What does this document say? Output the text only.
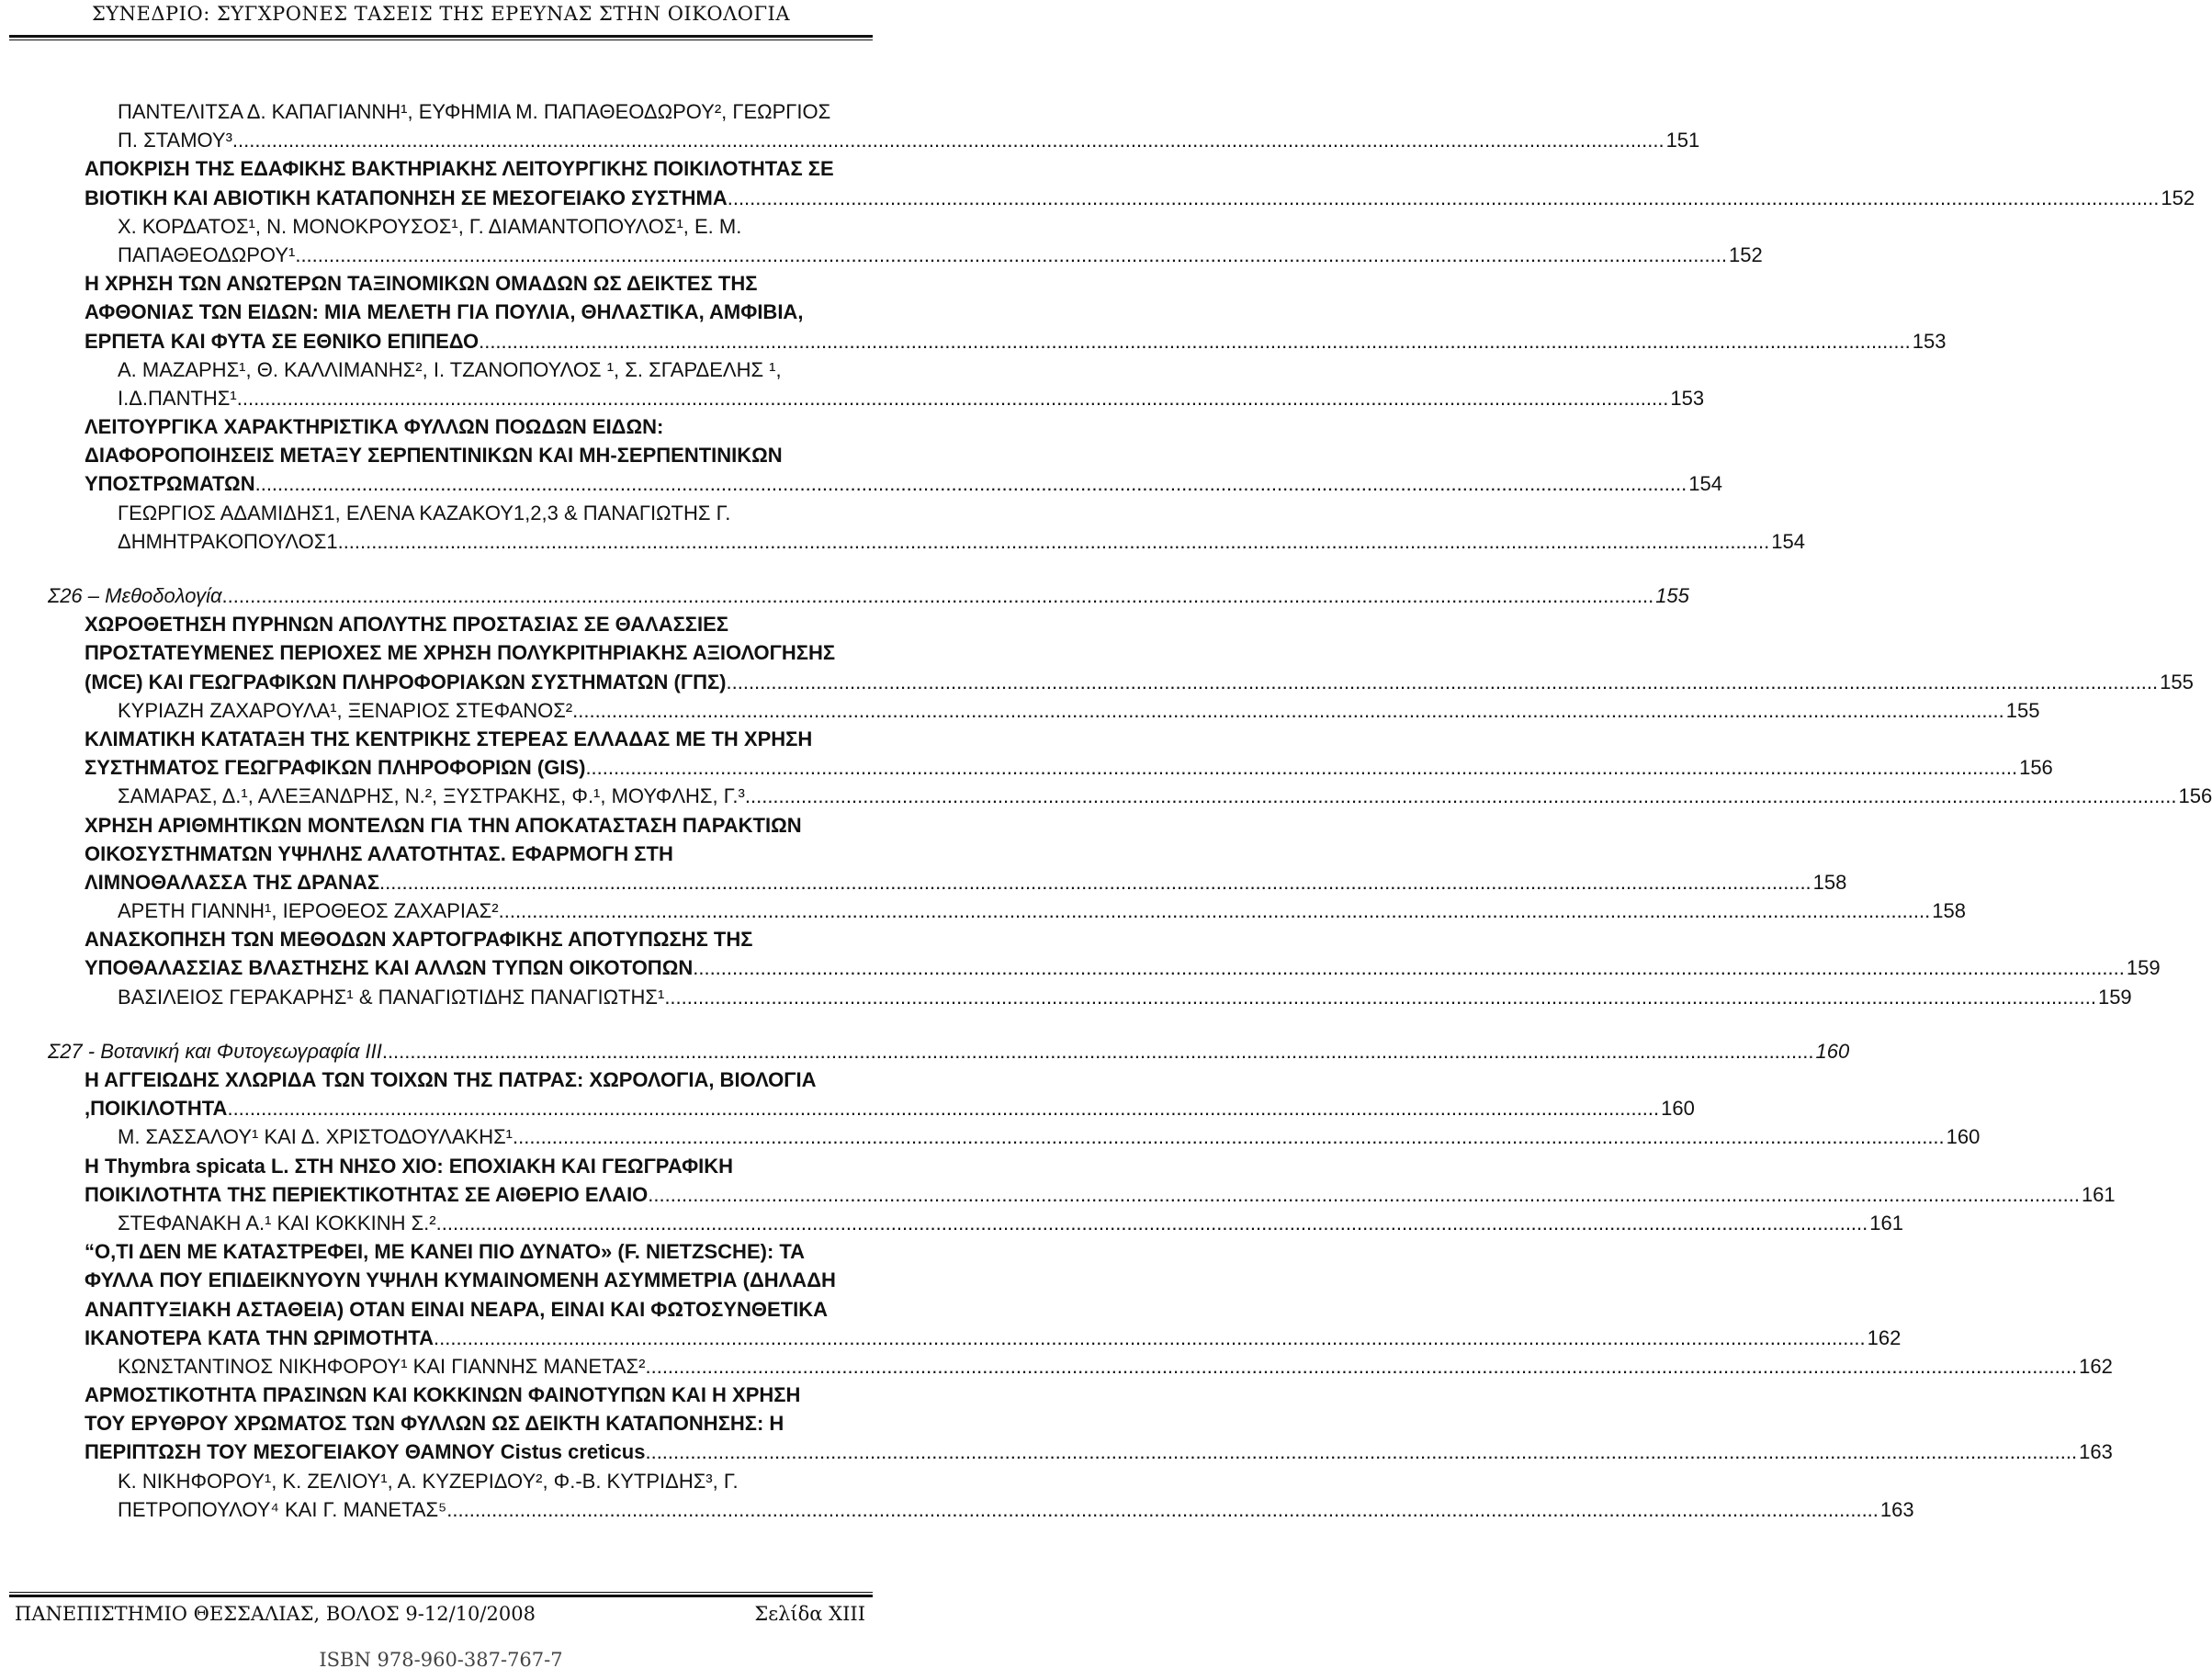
ΣΥΝΕΔΡΙΟ: ΣΥΓΧΡΟΝΕΣ ΤΑΣΕΙΣ ΤΗΣ ΕΡΕΥΝΑΣ ΣΤΗΝ ΟΙΚΟΛΟΓΙΑ
ΠΑΝΤΕΛΙΤΣΑ Δ. ΚΑΠΑΓΙΑΝΝΗ¹, ΕΥΦΗΜΙΑ Μ. ΠΑΠΑΘΕΟΔΩΡΟΥ², ΓΕΩΡΓΙΟΣ
Π. ΣΤΑΜΟΥ³ .....	151
ΑΠΟΚΡΙΣΗ ΤΗΣ ΕΔΑΦΙΚΗΣ ΒΑΚΤΗΡΙΑΚΗΣ ΛΕΙΤΟΥΡΓΙΚΗΣ ΠΟΙΚΙΛΟΤΗΤΑΣ ΣΕ
ΒΙΟΤΙΚΗ ΚΑΙ ΑΒΙΟΤΙΚΗ ΚΑΤΑΠΟΝΗΣΗ ΣΕ ΜΕΣΟΓΕΙΑΚΟ ΣΥΣΤΗΜΑ .....	152
Χ. ΚΟΡΔΑΤΟΣ¹, Ν. ΜΟΝΟΚΡΟΥΣΟΣ¹, Γ. ΔΙΑΜΑΝΤΟΠΟΥΛΟΣ¹, Ε. Μ.
ΠΑΠΑΘΕΟΔΩΡΟΥ¹ .....	152
Η ΧΡΗΣΗ ΤΩΝ ΑΝΩΤΕΡΩΝ ΤΑΞΙΝΟΜΙΚΩΝ ΟΜΑΔΩΝ ΩΣ ΔΕΙΚΤΕΣ ΤΗΣ
ΑΦΘΟΝΙΑΣ ΤΩΝ ΕΙΔΩΝ: ΜΙΑ ΜΕΛΕΤΗ ΓΙΑ ΠΟΥΛΙΑ, ΘΗΛΑΣΤΙΚΑ, ΑΜΦΙΒΙΑ,
ΕΡΠΕΤΑ ΚΑΙ ΦΥΤΑ ΣΕ ΕΘΝΙΚΟ ΕΠΙΠΕΔΟ .....	153
Α. ΜΑΖΑΡΗΣ¹, Θ. ΚΑΛΛΙΜΑΝΗΣ², Ι. ΤΖΑΝΟΠΟΥΛΟΣ ¹, Σ. ΣΓΑΡΔΕΛΗΣ ¹,
Ι.Δ.ΠΑΝΤΗΣ¹ .....	153
ΛΕΙΤΟΥΡΓΙΚΑ ΧΑΡΑΚΤΗΡΙΣΤΙΚΑ ΦΥΛΛΩΝ ΠΟΩΔΩΝ ΕΙΔΩΝ:
ΔΙΑΦΟΡΟΠΟΙΗΣΕΙΣ ΜΕΤΑΞΥ ΣΕΡΠΕΝΤΙΝΙΚΩΝ ΚΑΙ ΜΗ-ΣΕΡΠΕΝΤΙΝΙΚΩΝ
ΥΠΟΣΤΡΩΜΑΤΩΝ .....	154
ΓΕΩΡΓΙΟΣ ΑΔΑΜΙΔΗΣ1, ΕΛΕΝΑ ΚΑΖΑΚΟΥ1,2,3 & ΠΑΝΑΓΙΩΤΗΣ Γ.
ΔΗΜΗΤΡΑΚΟΠΟΥΛΟΣ1 .....	154
Σ26 – Μεθοδολογία .....	155
ΧΩΡΟΘΕΤΗΣΗ ΠΥΡΗΝΩΝ ΑΠΟΛΥΤΗΣ ΠΡΟΣΤΑΣΙΑΣ ΣΕ ΘΑΛΑΣΣΙΕΣ
ΠΡΟΣΤΑΤΕΥΜΕΝΕΣ ΠΕΡΙΟΧΕΣ ΜΕ ΧΡΗΣΗ ΠΟΛΥΚΡΙΤΗΡΙΑΚΗΣ ΑΞΙΟΛΟΓΗΣΗΣ
(MCE) ΚΑΙ ΓΕΩΓΡΑΦΙΚΩΝ ΠΛΗΡΟΦΟΡΙΑΚΩΝ ΣΥΣΤΗΜΑΤΩΝ (ΓΠΣ) .....	155
ΚΥΡΙΑΖΗ ΖΑΧΑΡΟΥΛΑ¹, ΞΕΝΑΡΙΟΣ ΣΤΕΦΑΝΟΣ² .....	155
ΚΛΙΜΑΤΙΚΗ ΚΑΤΑΤΑΞΗ ΤΗΣ ΚΕΝΤΡΙΚΗΣ ΣΤΕΡΕΑΣ ΕΛΛΑΔΑΣ ΜΕ ΤΗ ΧΡΗΣΗ
ΣΥΣΤΗΜΑΤΟΣ ΓΕΩΓΡΑΦΙΚΩΝ ΠΛΗΡΟΦΟΡΙΩΝ (GIS) .....	156
ΣΑΜΑΡΑΣ, Δ.¹, ΑΛΕΞΑΝΔΡΗΣ, Ν.², ΞΥΣΤΡΑΚΗΣ, Φ.¹, ΜΟΥΦΛΗΣ, Γ.³ .....	156
ΧΡΗΣΗ ΑΡΙΘΜΗΤΙΚΩΝ ΜΟΝΤΕΛΩΝ ΓΙΑ ΤΗΝ ΑΠΟΚΑΤΑΣΤΑΣΗ ΠΑΡΑΚΤΙΩΝ
ΟΙΚΟΣΥΣΤΗΜΑΤΩΝ ΥΨΗΛΗΣ ΑΛΑΤΟΤΗΤΑΣ. ΕΦΑΡΜΟΓΗ ΣΤΗ
ΛΙΜΝΟΘΑΛΑΣΣΑ ΤΗΣ ΔΡΑΝΑΣ .....	158
ΑΡΕΤΗ ΓΙΑΝΝΗ¹, ΙΕΡΟΘΕΟΣ ΖΑΧΑΡΙΑΣ² .....	158
ΑΝΑΣΚΟΠΗΣΗ ΤΩΝ ΜΕΘΟΔΩΝ ΧΑΡΤΟΓΡΑΦΙΚΗΣ ΑΠΟΤΥΠΩΣΗΣ ΤΗΣ
ΥΠΟΘΑΛΑΣΣΙΑΣ ΒΛΑΣΤΗΣΗΣ ΚΑΙ ΑΛΛΩΝ ΤΥΠΩΝ ΟΙΚΟΤΟΠΩΝ .....	159
ΒΑΣΙΛΕΙΟΣ ΓΕΡΑΚΑΡΗΣ¹ & ΠΑΝΑΓΙΩΤΙΔΗΣ ΠΑΝΑΓΙΩΤΗΣ¹ .....	159
Σ27 - Βοτανική και Φυτογεωγραφία ΙΙΙ .....	160
Η ΑΓΓΕΙΩΔΗΣ ΧΛΩΡΙΔΑ ΤΩΝ ΤΟΙΧΩΝ ΤΗΣ ΠΑΤΡΑΣ: ΧΩΡΟΛΟΓΙΑ, ΒΙΟΛΟΓΙΑ
,ΠΟΙΚΙΛΟΤΗΤΑ .....	160
Μ. ΣΑΣΣΑΛΟΥ¹ ΚΑΙ Δ. ΧΡΙΣΤΟΔΟΥΛΑΚΗΣ¹ .....	160
Η Thymbra spicata L. ΣΤΗ ΝΗΣΟ ΧΙΟ: ΕΠΟΧΙΑΚΗ ΚΑΙ ΓΕΩΓΡΑΦΙΚΗ
ΠΟΙΚΙΛΟΤΗΤΑ ΤΗΣ ΠΕΡΙΕΚΤΙΚΟΤΗΤΑΣ ΣΕ ΑΙΘΕΡΙΟ ΕΛΑΙΟ .....	161
ΣΤΕΦΑΝΑΚΗ Α.¹ ΚΑΙ ΚΟΚΚΙΝΗ Σ.² .....	161
“Ο,ΤΙ ΔΕΝ ΜΕ ΚΑΤΑΣΤΡΕΦΕΙ, ΜΕ ΚΑΝΕΙ ΠΙΟ ΔΥΝΑΤΟ» (F. NIETZSCHE): ΤΑ
ΦΥΛΛΑ ΠΟΥ ΕΠΙΔΕΙΚΝΥΟΥΝ ΥΨΗΛΗ ΚΥΜΑΙΝΟΜΕΝΗ ΑΣΥΜΜΕΤΡΙΑ (ΔΗΛΑΔΗ
ΑΝΑΠΤΥΞΙΑΚΗ ΑΣΤΑΘΕΙΑ) ΟΤΑΝ ΕΙΝΑΙ ΝΕΑΡΑ, ΕΙΝΑΙ ΚΑΙ ΦΩΤΟΣΥΝΘΕΤΙΚΑ
ΙΚΑΝΟΤΕΡΑ ΚΑΤΑ ΤΗΝ ΩΡΙΜΟΤΗΤΑ .....	162
ΚΩΝΣΤΑΝΤΙΝΟΣ ΝΙΚΗΦΟΡΟΥ¹ ΚΑΙ ΓΙΑΝΝΗΣ ΜΑΝΕΤΑΣ² .....	162
ΑΡΜΟΣΤΙΚΟΤΗΤΑ ΠΡΑΣΙΝΩΝ ΚΑΙ ΚΟΚΚΙΝΩΝ ΦΑΙΝΟΤΥΠΩΝ ΚΑΙ Η ΧΡΗΣΗ
ΤΟΥ ΕΡΥΘΡΟΥ ΧΡΩΜΑΤΟΣ ΤΩΝ ΦΥΛΛΩΝ ΩΣ ΔΕΙΚΤΗ ΚΑΤΑΠΟΝΗΣΗΣ: Η
ΠΕΡΙΠΤΩΣΗ ΤΟΥ ΜΕΣΟΓΕΙΑΚΟΥ ΘΑΜΝΟΥ Cistus creticus .....	163
Κ. ΝΙΚΗΦΟΡΟΥ¹, Κ. ΖΕΛΙΟΥ¹, Α. ΚΥΖΕΡΙΔΟΥ², Φ.-Β. ΚΥΤΡΙΔΗΣ³, Γ.
ΠΕΤΡΟΠΟΥΛΟΥ⁴ ΚΑΙ Γ. ΜΑΝΕΤΑΣ⁵ .....	163
ΠΑΝΕΠΙΣΤΗΜΙΟ ΘΕΣΣΑΛΙΑΣ, ΒΟΛΟΣ 9-12/10/2008	Σελίδα XIII
ISBN 978-960-387-767-7
